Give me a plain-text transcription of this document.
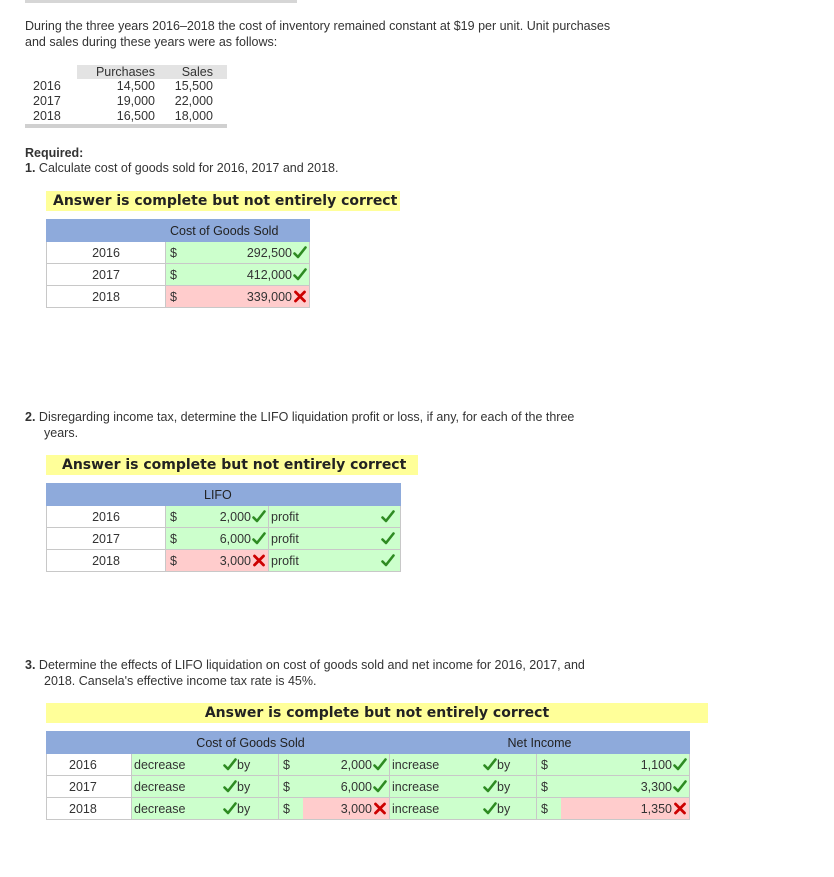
During the three years 2016–2018 the cost of inventory remained constant at $19 per unit. Unit purchases
and sales during these years were as follows:
	Purchases	Sales
2016	14,500	15,500
2017	19,000	22,000
2018	16,500	18,000
Required:
1. Calculate cost of goods sold for 2016, 2017 and 2018.
Answer is complete but not entirely correct
	Cost of Goods Sold	
2016	$	292,500

2017	$	412,000

2018	$	339,000
2. Disregarding income tax, determine the LIFO liquidation profit or loss, if any, for each of the three
years.
Answer is complete but not entirely correct
	LIFO			
2016	$	2,000	profit	

2017	$	6,000	profit	

2018	$	3,000	profit	
3. Determine the effects of LIFO liquidation on cost of goods sold and net income for 2016, 2017, and
2018. Cansela's effective income tax rate is 45%.
Answer is complete but not entirely correct
	Cost of Goods Sold				Net Income			
2016	decrease	by	$	2,000	increase	by	$	1,100

2017	decrease	by	$	6,000	increase	by	$	3,300

2018	decrease	by	$	3,000	increase	by	$	1,350
